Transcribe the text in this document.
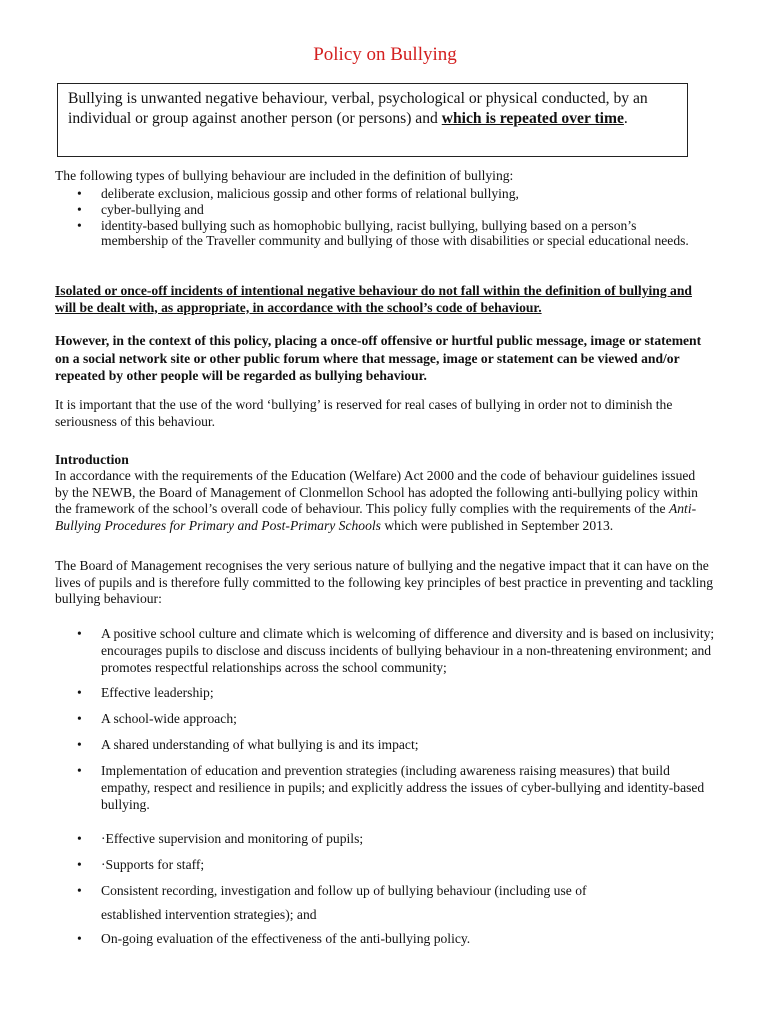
Policy on Bullying
Bullying is unwanted negative behaviour, verbal, psychological or physical conducted, by an individual or group against another person (or persons) and which is repeated over time.
The following types of bullying behaviour are included in the definition of bullying:
• deliberate exclusion, malicious gossip and other forms of relational bullying,
• cyber-bullying and
• identity-based bullying such as homophobic bullying, racist bullying, bullying based on a person’s membership of the Traveller community and bullying of those with disabilities or special educational needs.
Isolated or once-off incidents of intentional negative behaviour do not fall within the definition of bullying and will be dealt with, as appropriate, in accordance with the school’s code of behaviour.
However, in the context of this policy, placing a once-off offensive or hurtful public message, image or statement on a social network site or other public forum where that message, image or statement can be viewed and/or repeated by other people will be regarded as bullying behaviour.
It is important that the use of the word ‘bullying’ is reserved for real cases of bullying in order not to diminish the seriousness of this behaviour.
Introduction
In accordance with the requirements of the Education (Welfare) Act 2000 and the code of behaviour guidelines issued by the NEWB, the Board of Management of Clonmellon School has adopted the following anti-bullying policy within the framework of the school’s overall code of behaviour. This policy fully complies with the requirements of the Anti-Bullying Procedures for Primary and Post-Primary Schools which were published in September 2013.
The Board of Management recognises the very serious nature of bullying and the negative impact that it can have on the lives of pupils and is therefore fully committed to the following key principles of best practice in preventing and tackling bullying behaviour:
• A positive school culture and climate which is welcoming of difference and diversity and is based on inclusivity; encourages pupils to disclose and discuss incidents of bullying behaviour in a non-threatening environment; and promotes respectful relationships across the school community;
• Effective leadership;
• A school-wide approach;
• A shared understanding of what bullying is and its impact;
• Implementation of education and prevention strategies (including awareness raising measures) that build empathy, respect and resilience in pupils; and explicitly address the issues of cyber-bullying and identity-based bullying.
• ·Effective supervision and monitoring of pupils;
• ·Supports for staff;
• Consistent recording, investigation and follow up of bullying behaviour (including use of
established intervention strategies); and
• On-going evaluation of the effectiveness of the anti-bullying policy.
